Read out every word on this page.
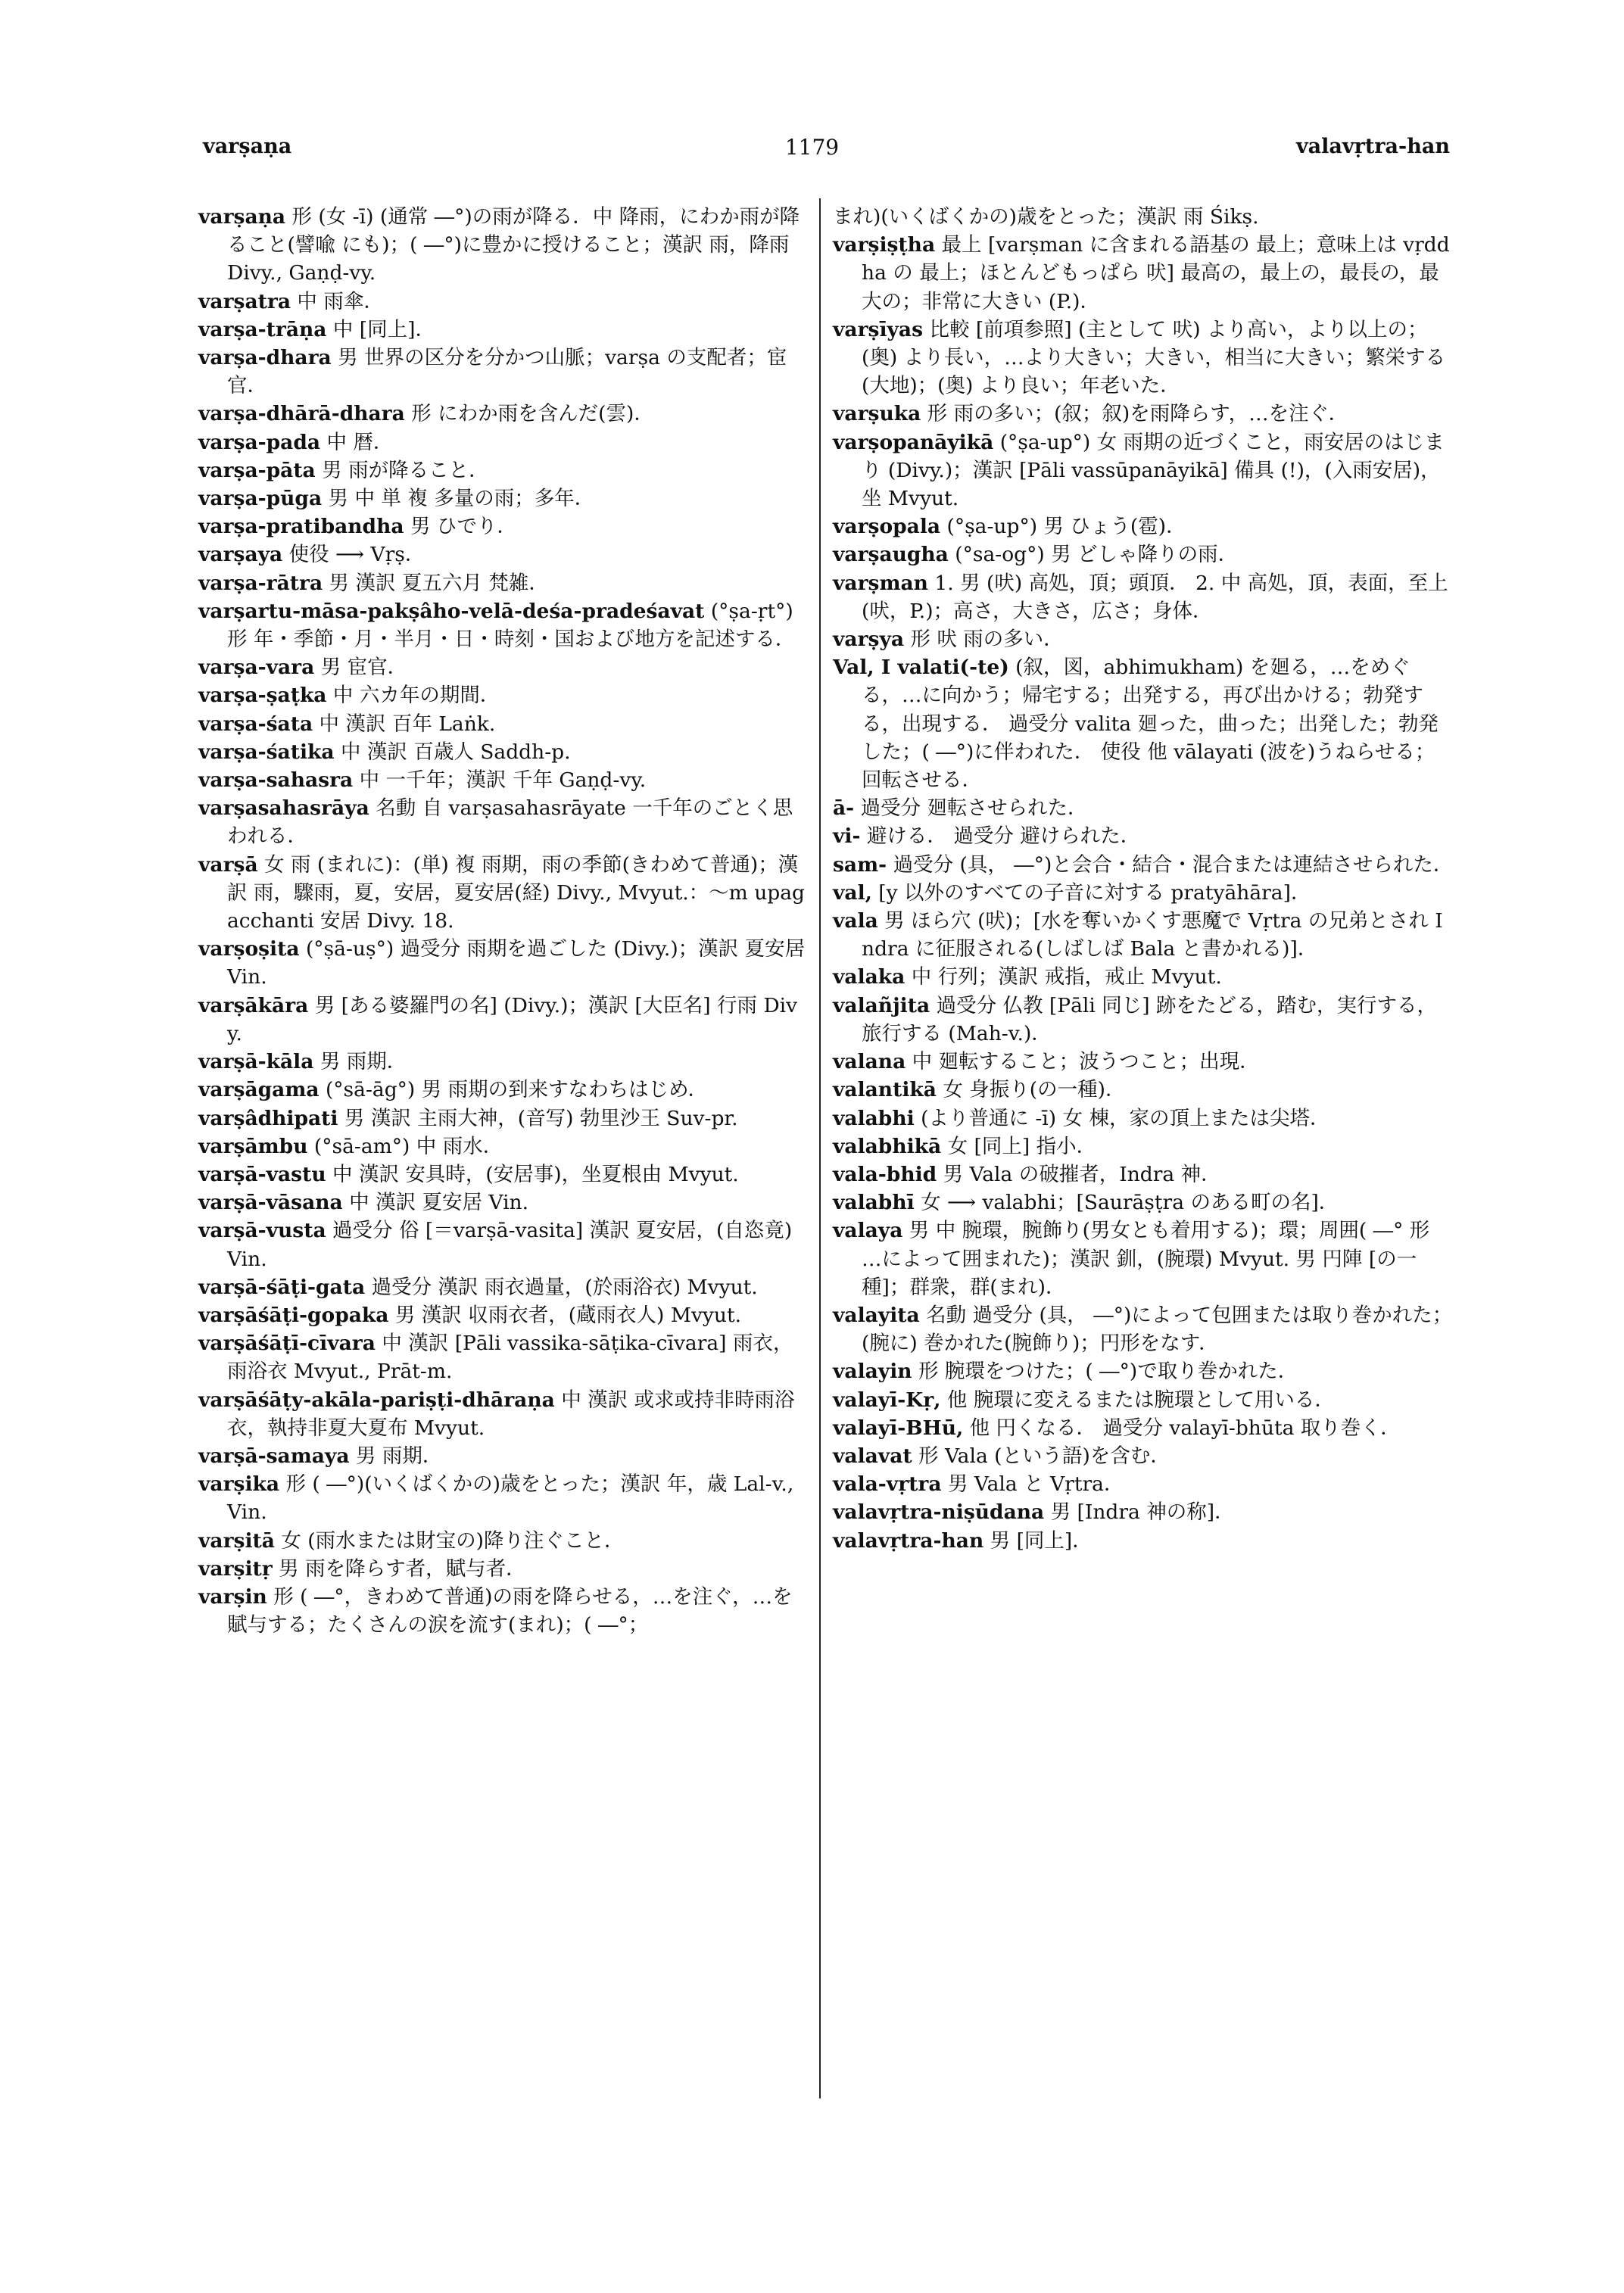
varṣaṇa	1179	valavṛtra-han

varṣaṇa 形 (女 -ī) (通常 ―°)の雨が降る．中 降雨，にわか雨が降ること(譬喩 にも)；( ―°)に豊かに授けること；漢訳 雨，降雨 Divy., Gaṇḍ-vy.

varṣatra 中 雨傘．

varṣa-trāṇa 中 [同上]．

varṣa-dhara 男 世界の区分を分かつ山脈；varṣa の支配者；宦官．

varṣa-dhārā-dhara 形 にわか雨を含んだ(雲)．

varṣa-pada 中 暦．

varṣa-pāta 男 雨が降ること．

varṣa-pūga 男 中 単 複 多量の雨；多年．

varṣa-pratibandha 男 ひでり．

varṣaya 使役 ⟶ Vṛṣ．

varṣa-rātra 男 漢訳 夏五六月 梵雑．

varṣartu-māsa-pakṣâho-velā-deśa-pradeśavat (°ṣa-ṛt°) 形 年・季節・月・半月・日・時刻・国および地方を記述する．

varṣa-vara 男 宦官．

varṣa-ṣaṭka 中 六カ年の期間．

varṣa-śata 中 漢訳 百年 Laṅk.

varṣa-śatika 中 漢訳 百歳人 Saddh-p.

varṣa-sahasra 中 一千年；漢訳 千年 Gaṇḍ-vy.

varṣasahasrāya 名動 自 varṣasahasrāyate 一千年のごとく思われる．

varṣā 女 雨 (まれに)：(単) 複 雨期，雨の季節(きわめて普通)；漢訳 雨，驟雨，夏，安居，夏安居(経) Divy., Mvyut.：～m upagacchanti 安居 Divy. 18.

varṣoṣita (°ṣā-uṣ°) 過受分 雨期を過ごした (Divy.)；漢訳 夏安居 Vin.

varṣākāra 男 [ある婆羅門の名] (Divy.)；漢訳 [大臣名] 行雨 Divy.

varṣā-kāla 男 雨期．

varṣāgama (°sā-āg°) 男 雨期の到来すなわちはじめ．

varṣâdhipati 男 漢訳 主雨大神，(音写) 勃里沙王 Suv-pr.

varṣāmbu (°sā-am°) 中 雨水．

varṣā-vastu 中 漢訳 安具時，(安居事)，坐夏根由 Mvyut.

varṣā-vāsana 中 漢訳 夏安居 Vin.

varṣā-vusta 過受分 俗 [＝varṣā-vasita] 漢訳 夏安居，(自恣竟) Vin.

varṣā-śāṭi-gata 過受分 漢訳 雨衣過量，(於雨浴衣) Mvyut.

varṣāśāṭi-gopaka 男 漢訳 収雨衣者，(蔵雨衣人) Mvyut.

varṣāśāṭī-cīvara 中 漢訳 [Pāli vassika-sāṭika-cīvara] 雨衣，雨浴衣 Mvyut., Prāt-m.

varṣāśāṭy-akāla-pariṣṭi-dhāraṇa 中 漢訳 或求或持非時雨浴衣，執持非夏大夏布 Mvyut.

varṣā-samaya 男 雨期．

varṣika 形 ( ―°)(いくばくかの)歳をとった；漢訳 年，歳 Lal-v., Vin.

varṣitā 女 (雨水または財宝の)降り注ぐこと．

varṣitṛ 男 雨を降らす者，賦与者．

varṣin 形 ( ―°，きわめて普通)の雨を降らせる，…を注ぐ，…を賦与する；たくさんの涙を流す(まれ)；( ―°；

まれ)(いくばくかの)歳をとった；漢訳 雨 Śikṣ.

varṣiṣṭha 最上 [varṣman に含まれる語基の 最上；意味上は vṛddha の 最上；ほとんどもっぱら 吠] 最高の，最上の，最長の，最大の；非常に大きい (P.)．

varṣīyas 比較 [前項参照] (主として 吠) より高い，より以上の；(奥) より長い，…より大きい；大きい，相当に大きい；繁栄する(大地)；(奥) より良い；年老いた．

varṣuka 形 雨の多い；(叙；叙)を雨降らす，…を注ぐ．

varṣopanāyikā (°ṣa-up°) 女 雨期の近づくこと，雨安居のはじまり (Divy.)；漢訳 [Pāli vassūpanāyikā] 備具 (!)，(入雨安居)，坐 Mvyut.

varṣopala (°ṣa-up°) 男 ひょう(雹)．

varṣaugha (°sa-og°) 男 どしゃ降りの雨．

varṣman 1. 男 (吠) 高処，頂；頭頂． 2. 中 高処，頂，表面，至上 (吠，P.)；高さ，大きさ，広さ；身体．

varṣya 形 吠 雨の多い．

Val, I valati(-te) (叙，図，abhimukham) を廻る，…をめぐる，…に向かう；帰宅する；出発する，再び出かける；勃発する，出現する． 過受分 valita 廻った，曲った；出発した；勃発した；( ―°)に伴われた． 使役 他 vālayati (波を)うねらせる；回転させる．

ā- 過受分 廻転させられた．

vi- 避ける． 過受分 避けられた．

sam- 過受分 (具， ―°)と会合・結合・混合または連結させられた．

val, [y 以外のすべての子音に対する pratyāhāra]．

vala 男 ほら穴 (吠)；[水を奪いかくす悪魔で Vṛtra の兄弟とされ Indra に征服される(しばしば Bala と書かれる)]．

valaka 中 行列；漢訳 戒指，戒止 Mvyut.

valañjita 過受分 仏教 [Pāli 同じ] 跡をたどる，踏む，実行する，旅行する (Mah-v.)．

valana 中 廻転すること；波うつこと；出現．

valantikā 女 身振り(の一種)．

valabhi (より普通に -ī) 女 棟，家の頂上または尖塔．

valabhikā 女 [同上] 指小．

vala-bhid 男 Vala の破摧者，Indra 神．

valabhī 女 ⟶ valabhi；[Saurāṣṭra のある町の名]．

valaya 男 中 腕環，腕飾り(男女とも着用する)；環；周囲( ―° 形 …によって囲まれた)；漢訳 釧，(腕環) Mvyut. 男 円陣 [の一種]；群衆，群(まれ)．

valayita 名動 過受分 (具， ―°)によって包囲または取り巻かれた；(腕に) 巻かれた(腕飾り)；円形をなす．

valayin 形 腕環をつけた；( ―°)で取り巻かれた．

valayī-Kṛ, 他 腕環に変えるまたは腕環として用いる．

valayī-BHū, 他 円くなる． 過受分 valayī-bhūta 取り巻く．

valavat 形 Vala (という語)を含む．

vala-vṛtra 男 Vala と Vṛtra．

valavṛtra-niṣūdana 男 [Indra 神の称]．

valavṛtra-han 男 [同上]．
